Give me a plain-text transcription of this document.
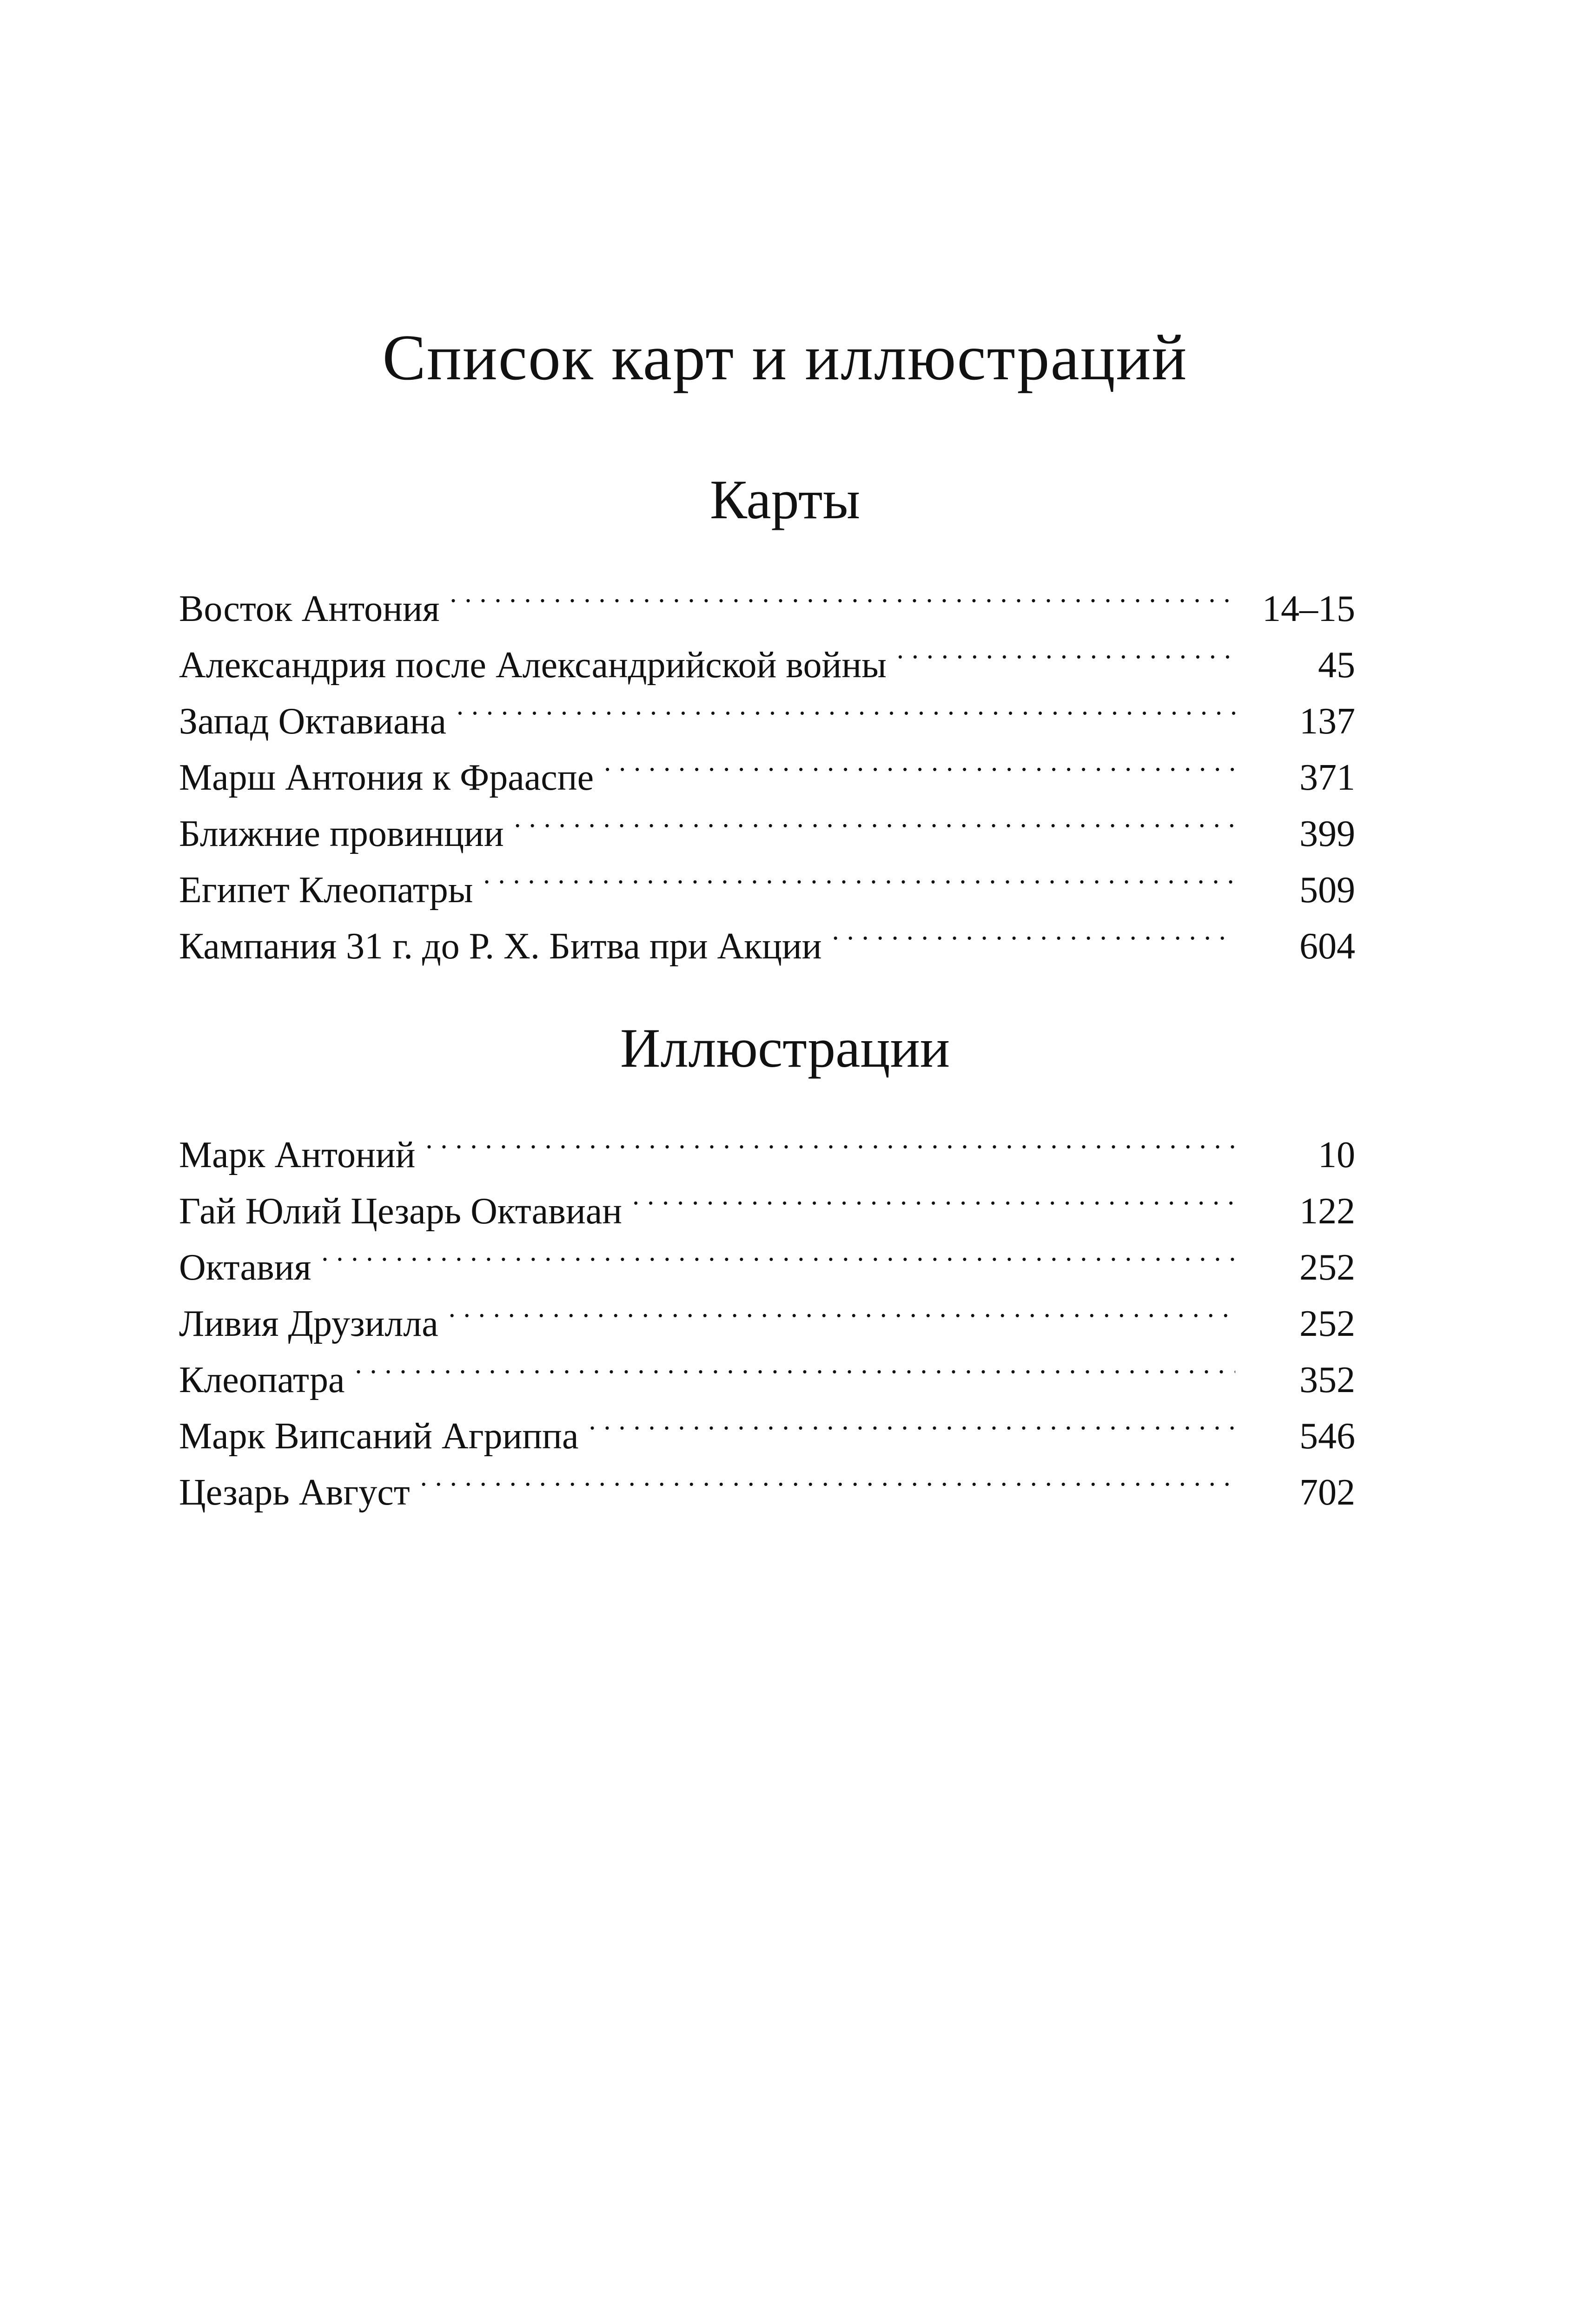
Список карт и иллюстраций
Карты
Восток Антония . . .	14–15
Александрия после Александрийской войны . . .	45
Запад Октавиана . . .	137
Марш Антония к Фрааспе . . .	371
Ближние провинции . . .	399
Египет Клеопатры . . .	509
Кампания 31 г. до Р. Х. Битва при Акции . . .	604
Иллюстрации
Марк Антоний . . .	10
Гай Юлий Цезарь Октавиан . . .	122
Октавия . . .	252
Ливия Друзилла . . .	252
Клеопатра . . .	352
Марк Випсаний Агриппа . . .	546
Цезарь Август . . .	702
